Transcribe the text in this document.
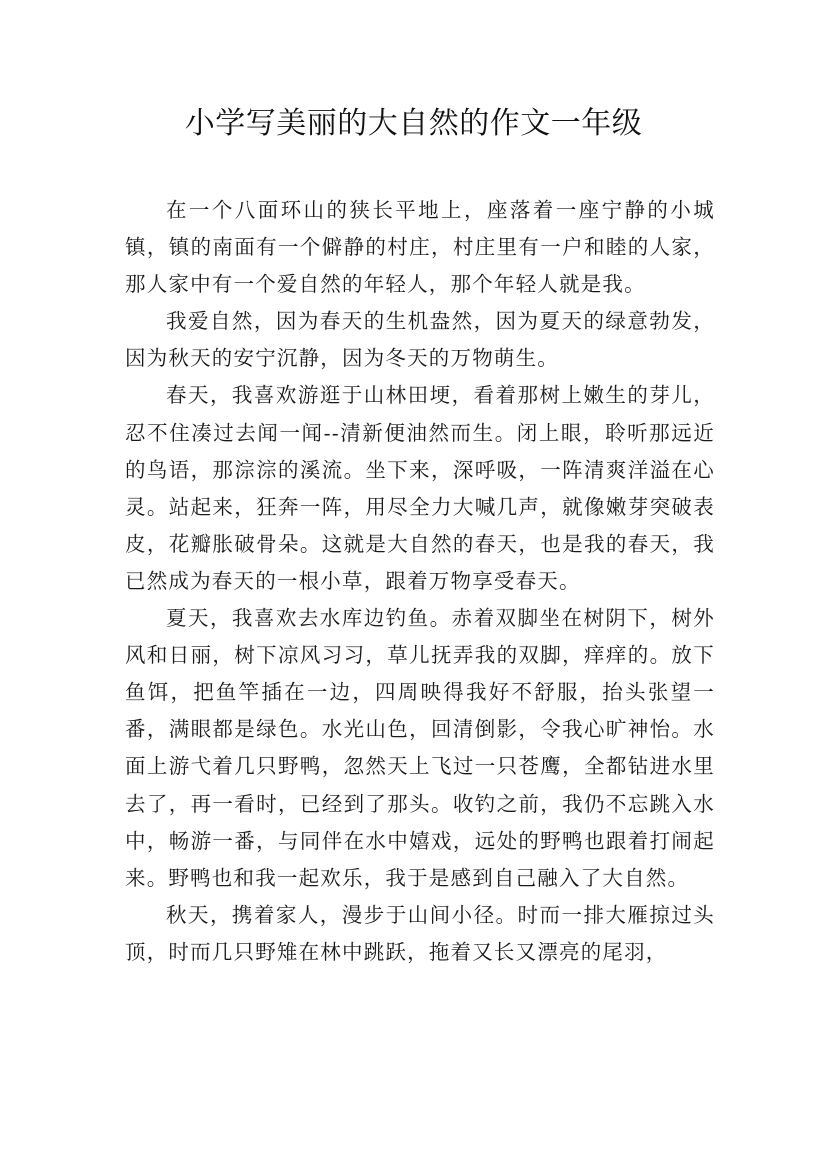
小学写美丽的大自然的作文一年级

在一个八面环山的狭长平地上，座落着一座宁静的小城镇，镇的南面有一个僻静的村庄，村庄里有一户和睦的人家，那人家中有一个爱自然的年轻人，那个年轻人就是我。

我爱自然，因为春天的生机盎然，因为夏天的绿意勃发，因为秋天的安宁沉静，因为冬天的万物萌生。

春天，我喜欢游逛于山林田埂，看着那树上嫩生的芽儿，忍不住凑过去闻一闻--清新便油然而生。闭上眼，聆听那远近的鸟语，那淙淙的溪流。坐下来，深呼吸，一阵清爽洋溢在心灵。站起来，狂奔一阵，用尽全力大喊几声，就像嫩芽突破表皮，花瓣胀破骨朵。这就是大自然的春天，也是我的春天，我已然成为春天的一根小草，跟着万物享受春天。

夏天，我喜欢去水库边钓鱼。赤着双脚坐在树阴下，树外风和日丽，树下凉风习习，草儿抚弄我的双脚，痒痒的。放下鱼饵，把鱼竿插在一边，四周映得我好不舒服，抬头张望一番，满眼都是绿色。水光山色，回清倒影，令我心旷神怡。水面上游弋着几只野鸭，忽然天上飞过一只苍鹰，全都钻进水里去了，再一看时，已经到了那头。收钓之前，我仍不忘跳入水中，畅游一番，与同伴在水中嬉戏，远处的野鸭也跟着打闹起来。野鸭也和我一起欢乐，我于是感到自己融入了大自然。

秋天，携着家人，漫步于山间小径。时而一排大雁掠过头顶，时而几只野雉在林中跳跃，拖着又长又漂亮的尾羽，
